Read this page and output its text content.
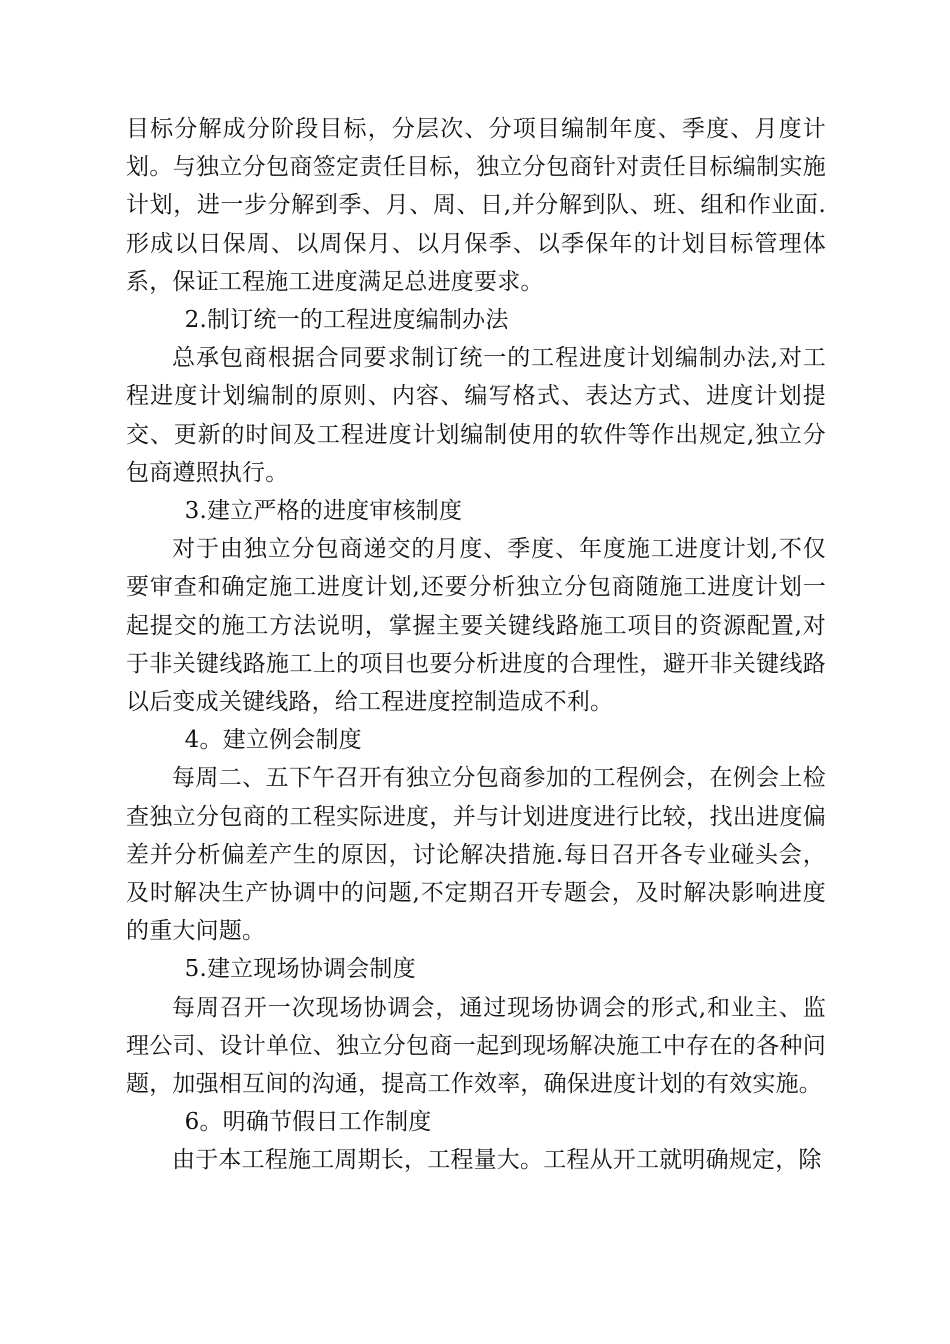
目标分解成分阶段目标，分层次、分项目编制年度、季度、月度计划。与独立分包商签定责任目标，独立分包商针对责任目标编制实施计划，进一步分解到季、月、周、日,并分解到队、班、组和作业面.形成以日保周、以周保月、以月保季、以季保年的计划目标管理体系，保证工程施工进度满足总进度要求。

2.制订统一的工程进度编制办法

总承包商根据合同要求制订统一的工程进度计划编制办法,对工程进度计划编制的原则、内容、编写格式、表达方式、进度计划提交、更新的时间及工程进度计划编制使用的软件等作出规定,独立分包商遵照执行。

3.建立严格的进度审核制度

对于由独立分包商递交的月度、季度、年度施工进度计划,不仅要审查和确定施工进度计划,还要分析独立分包商随施工进度计划一起提交的施工方法说明，掌握主要关键线路施工项目的资源配置,对于非关键线路施工上的项目也要分析进度的合理性，避开非关键线路以后变成关键线路，给工程进度控制造成不利。

4。建立例会制度

每周二、五下午召开有独立分包商参加的工程例会，在例会上检查独立分包商的工程实际进度，并与计划进度进行比较，找出进度偏差并分析偏差产生的原因，讨论解决措施.每日召开各专业碰头会，及时解决生产协调中的问题,不定期召开专题会，及时解决影响进度的重大问题。

5.建立现场协调会制度

每周召开一次现场协调会，通过现场协调会的形式,和业主、监理公司、设计单位、独立分包商一起到现场解决施工中存在的各种问题，加强相互间的沟通，提高工作效率，确保进度计划的有效实施。

6。明确节假日工作制度

由于本工程施工周期长，工程量大。工程从开工就明确规定，除
